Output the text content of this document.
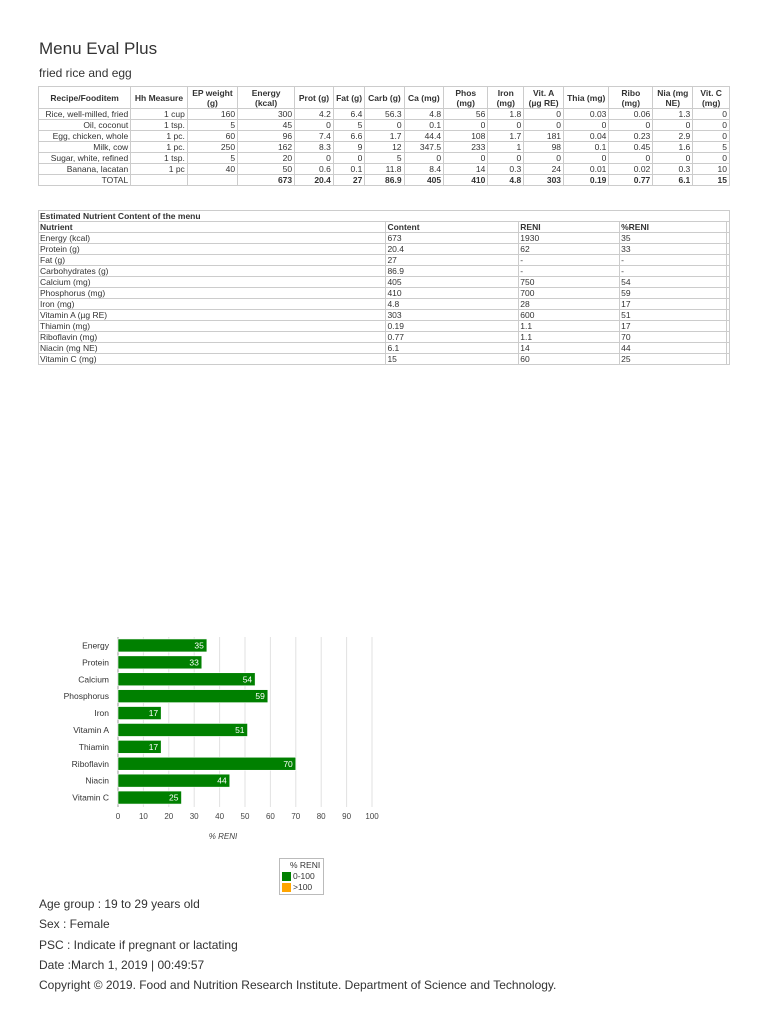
Menu Eval Plus
fried rice and egg
Recipe/Fooditem	Hh Measure	EP weight (g)	Energy (kcal)	Prot (g)	Fat (g)	Carb (g)	Ca (mg)	Phos (mg)	Iron (mg)	Vit. A (µg RE)	Thia (mg)	Ribo (mg)	Nia (mg NE)	Vit. C (mg)
Rice, well-milled, fried	1 cup	160	300	4.2	6.4	56.3	4.8	56	1.8	0	0.03	0.06	1.3	0
Oil, coconut	1 tsp.	5	45	0	5	0	0.1	0	0	0	0	0	0	0
Egg, chicken, whole	1 pc.	60	96	7.4	6.6	1.7	44.4	108	1.7	181	0.04	0.23	2.9	0
Milk, cow	1 pc.	250	162	8.3	9	12	347.5	233	1	98	0.1	0.45	1.6	5
Sugar, white, refined	1 tsp.	5	20	0	0	5	0	0	0	0	0	0	0	0
Banana, lacatan	1 pc	40	50	0.6	0.1	11.8	8.4	14	0.3	24	0.01	0.02	0.3	10
TOTAL			673	20.4	27	86.9	405	410	4.8	303	0.19	0.77	6.1	15
Estimated Nutrient Content of the menu				
Nutrient	Content	RENI	%RENI	
Energy (kcal)	673	1930	35	
Protein (g)	20.4	62	33	
Fat (g)	27	-	-	
Carbohydrates (g)	86.9	-	-	
Calcium (mg)	405	750	54	
Phosphorus (mg)	410	700	59	
Iron (mg)	4.8	28	17	
Vitamin A (µg RE)	303	600	51	
Thiamin (mg)	0.19	1.1	17	
Riboflavin (mg)	0.77	1.1	70	
Niacin (mg NE)	6.1	14	44	
Vitamin C (mg)	15	60	25	
0 10 20 30 40 50 60 70 80 90 100
Energy	35
Protein	33
Calcium	54
Phosphorus	59
Iron	17
Vitamin A	51
Thiamin	17
Riboflavin	70
Niacin	44
Vitamin C	25
% RENI
% RENI
0-100
>100
Age group : 19 to 29 years old
Sex : Female
PSC : Indicate if pregnant or lactating
Date :March 1, 2019 | 00:49:57
Copyright © 2019. Food and Nutrition Research Institute. Department of Science and Technology.
